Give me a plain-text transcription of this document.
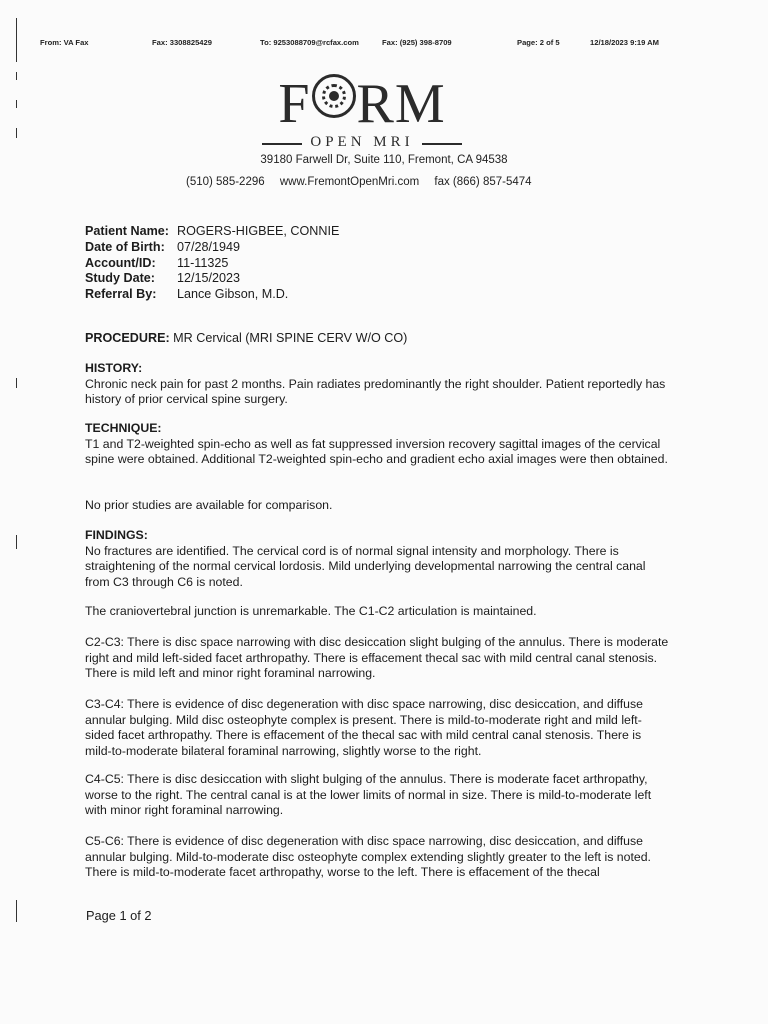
From: VA Fax	Fax: 3308825429	To: 9253088709@rcfax.com	Fax: (925) 398-8709	Page: 2 of 5	12/18/2023 9:19 AM
F RM
OPEN MRI
39180 Farwell Dr, Suite 110, Fremont, CA 94538
(510) 585-2296 www.FremontOpenMri.com fax (866) 857-5474
Patient Name: ROGERS-HIGBEE, CONNIE
Date of Birth: 07/28/1949
Account/ID:	11-11325
Study Date:	12/15/2023
Referral By:	Lance Gibson, M.D.
PROCEDURE: MR Cervical (MRI SPINE CERV W/O CO)
HISTORY:

Chronic neck pain for past 2 months. Pain radiates predominantly the right shoulder. Patient reportedly has history of prior cervical spine surgery.

TECHNIQUE:

T1 and T2-weighted spin-echo as well as fat suppressed inversion recovery sagittal images of the cervical spine were obtained. Additional T2-weighted spin-echo and gradient echo axial images were then obtained.

No prior studies are available for comparison.

FINDINGS:

No fractures are identified. The cervical cord is of normal signal intensity and morphology. There is straightening of the normal cervical lordosis. Mild underlying developmental narrowing the central canal from C3 through C6 is noted.

The craniovertebral junction is unremarkable. The C1-C2 articulation is maintained.

C2-C3: There is disc space narrowing with disc desiccation slight bulging of the annulus. There is moderate right and mild left-sided facet arthropathy. There is effacement thecal sac with mild central canal stenosis. There is mild left and minor right foraminal narrowing.

C3-C4: There is evidence of disc degeneration with disc space narrowing, disc desiccation, and diffuse annular bulging. Mild disc osteophyte complex is present. There is mild-to-moderate right and mild left-sided facet arthropathy. There is effacement of the thecal sac with mild central canal stenosis. There is mild-to-moderate bilateral foraminal narrowing, slightly worse to the right.

C4-C5: There is disc desiccation with slight bulging of the annulus. There is moderate facet arthropathy, worse to the right. The central canal is at the lower limits of normal in size. There is mild-to-moderate left with minor right foraminal narrowing.

C5-C6: There is evidence of disc degeneration with disc space narrowing, disc desiccation, and diffuse annular bulging. Mild-to-moderate disc osteophyte complex extending slightly greater to the left is noted. There is mild-to-moderate facet arthropathy, worse to the left. There is effacement of the thecal

Page 1 of 2
